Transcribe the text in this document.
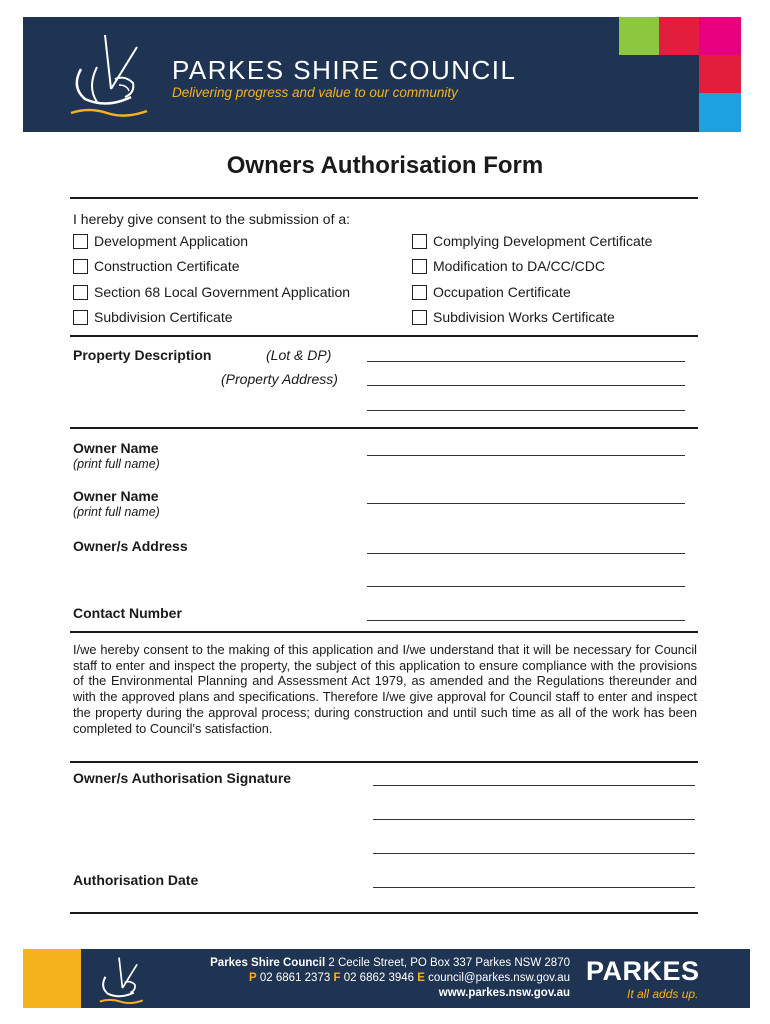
PARKES SHIRE COUNCIL
Delivering progress and value to our community
Owners Authorisation Form
I hereby give consent to the submission of a:
Development Application	Complying Development Certificate
Construction Certificate	Modification to DA/CC/CDC
Section 68 Local Government Application	Occupation Certificate
Subdivision Certificate	Subdivision Works Certificate
Property Description	(Lot & DP)
(Property Address)
Owner Name
(print full name)
Owner Name
(print full name)
Owner/s Address
Contact Number
I/we hereby consent to the making of this application and I/we understand that it will be necessary for Council staff to enter and inspect the property, the subject of this application to ensure compliance with the provisions of the Environmental Planning and Assessment Act 1979, as amended and the Regulations thereunder and with the approved plans and specifications. Therefore I/we give approval for Council staff to enter and inspect the property during the approval process; during construction and until such time as all of the work has been completed to Council's satisfaction.
Owner/s Authorisation Signature
Authorisation Date
Parkes Shire Council 2 Cecile Street, PO Box 337 Parkes NSW 2870
P 02 6861 2373 F 02 6862 3946 E council@parkes.nsw.gov.au
www.parkes.nsw.gov.au
PARKES
It all adds up.
